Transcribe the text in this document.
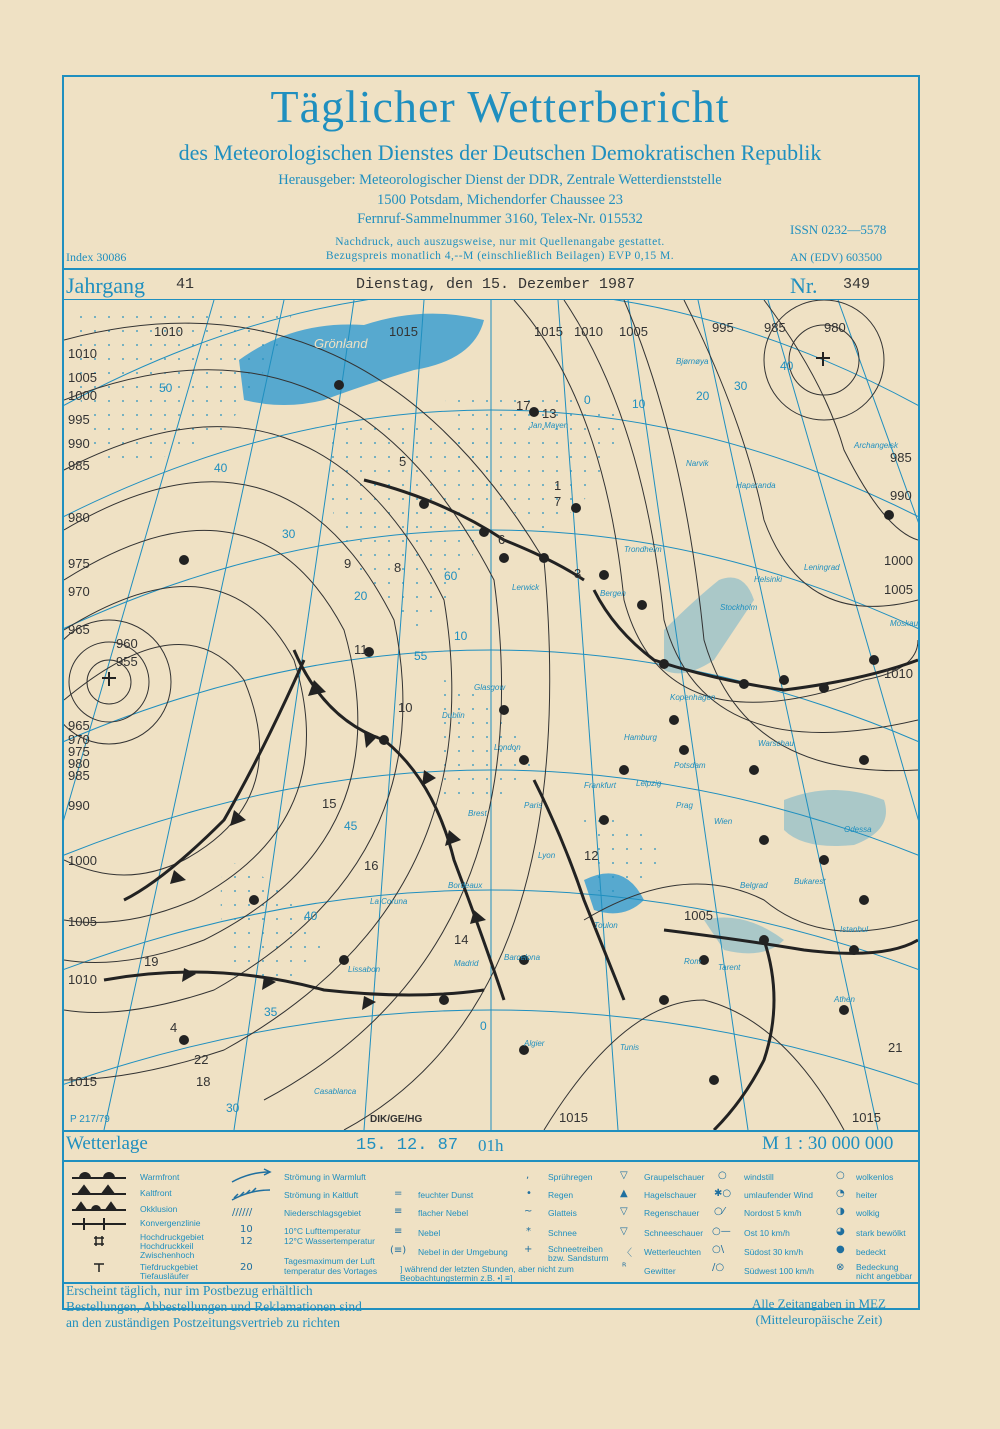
Täglicher Wetterbericht
des Meteorologischen Dienstes der Deutschen Demokratischen Republik
Herausgeber: Meteorologischer Dienst der DDR, Zentrale Wetterdienststelle
1500 Potsdam, Michendorfer Chaussee 23
Fernruf-Sammelnummer 3160, Telex-Nr. 015532
Nachdruck, auch auszugsweise, nur mit Quellenangabe gestattet.
Bezugspreis monatlich 4,--M (einschließlich Beilagen) EVP 0,15 M.
ISSN 0232—5578
AN (EDV) 603500
Index 30086
Jahrgang 41	Dienstag, den 15. Dezember 1987	Nr. 349
1010
1005
1000
995
990
985
980
975
970
965
960
955
965
970
975
980
985
990
1000
1005
1010
1015
1010	1015	1015 1010 1005	995 985	980
985
990
1000
1005
1010
1005
1015	1015
50
40
30
20
60
55
45
40
35
30
10
20
30
40
0
0
10
17
13
5
6
1
7
8	3
10
9
11
12
15
16
14
19
22
18
21
4
Grönland
Jan Mayen
Bjørnøya
Narvik
Haparanda
Trondheim
Bergen
Lerwick
Stockholm
Helsinki
Leningrad
Archangelsk
Moskau
Glasgow
Dublin
London
Kopenhagen
Hamburg
Potsdam
Warschau
Leipzig
Prag
Wien
Paris
Frankfurt
Brest
Lyon
Bordeaux
Madrid
Barcelona
Lissabon
La Coruna
Rom
Belgrad	Bukarest
Odessa
Istanbul
Athen
Tunis
Algier
Casablanca
Tarent
Toulon
P 217/79	DIK/GE/HG
Wetterlage	15. 12. 87 01h	M 1 : 30 000 000
Warmfront
Kaltfront
Okklusion
Konvergenzlinie
Hochdruckgebiet
Hochdruckkeil
Zwischenhoch
Tiefdruckgebiet
Tiefausläufer
//////
Strömung in Warmluft
Strömung in Kaltluft
Niederschlagsgebiet
10
12
20
10°C Lufttemperatur
12°C Wassertemperatur
Tagesmaximum der Luft
temperatur des Vortages
=
≡
≡
(≡)
feuchter Dunst
flacher Nebel
Nebel
Nebel in der Umgebung
] während der letzten Stunden, aber nicht zum
Beobachtungstermin z.B. •] ≡]
,
•
~
*
+
Sprühregen
Regen
Glatteis
Schnee
Schneetreiben
bzw. Sandsturm
▽
▲
▽
▽
〈
ᴿ
Graupelschauer
Hagelschauer
Regenschauer
Schneeschauer
Wetterleuchten
Gewitter
○
✱○
○⁄
○—
○\
/○
windstill
umlaufender Wind
Nordost 5 km/h
Ost 10 km/h
Südost 30 km/h
Südwest 100 km/h
○
◔
◑
◕
●
⊗
wolkenlos
heiter
wolkig
stark bewölkt
bedeckt
Bedeckung
nicht angebbar
Erscheint täglich, nur im Postbezug erhältlich
Bestellungen, Abbestellungen und Reklamationen sind
an den zuständigen Postzeitungsvertrieb zu richten
Alle Zeitangaben in MEZ
(Mitteleuropäische Zeit)
